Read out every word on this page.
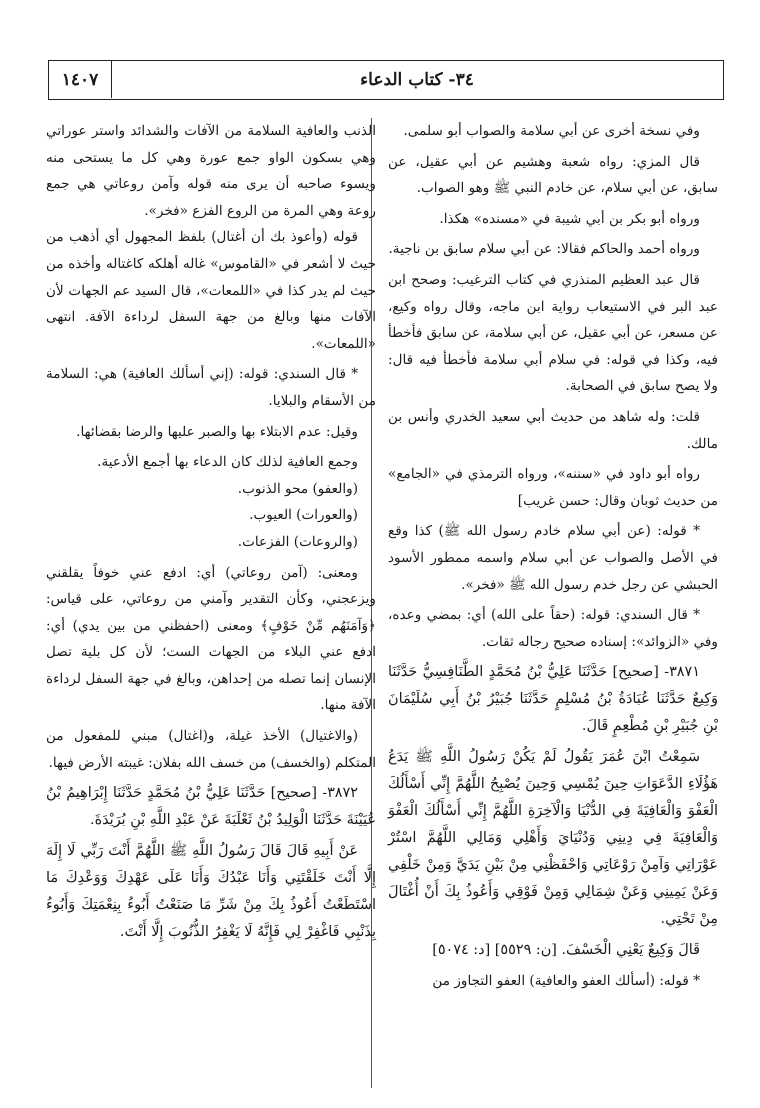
١٤٠٧	٣٤- كتاب الدعاء

وفي نسخة أخرى عن أبي سلامة والصواب أبو سلمى.

قال المزي: رواه شعبة وهشيم عن أبي عقيل، عن سابق، عن أبي سلام، عن خادم النبي ﷺ وهو الصواب.

ورواه أبو بكر بن أبي شيبة في «مسنده» هكذا.

ورواه أحمد والحاكم فقالا: عن أبي سلام سابق بن ناجية.

قال عبد العظيم المنذري في كتاب الترغيب: وصحح ابن عبد البر في الاستيعاب رواية ابن ماجه، وقال رواه وكيع، عن مسعر، عن أبي عقيل، عن أبي سلامة، عن سابق فأخطأ فيه، وكذا في قوله: في سلام أبي سلامة فأخطأ فيه قال: ولا يصح سابق في الصحابة.

قلت: وله شاهد من حديث أبي سعيد الخدري وأنس بن مالك.

رواه أبو داود في «سننه»، ورواه الترمذي في «الجامع» من حديث ثوبان وقال: حسن غريب]

* قوله: (عن أبي سلام خادم رسول الله ﷺ) كذا وقع في الأصل والصواب عن أبي سلام واسمه ممطور الأسود الحبشي عن رجل خدم رسول الله ﷺ «فخر».

* قال السندي: قوله: (حقاً على الله) أي: بمضي وعده، وفي «الزوائد»: إسناده صحيح رجاله ثقات.

٣٨٧١- [صحيح] حَدَّثَنَا عَلِيُّ بْنُ مُحَمَّدٍ الطَّنَافِسِيُّ حَدَّثَنَا وَكِيعٌ حَدَّثَنَا عُبَادَةُ بْنُ مُسْلِمٍ حَدَّثَنَا جُبَيْرُ بْنُ أَبِي سُلَيْمَانَ بْنِ جُبَيْرِ بْنِ مُطْعِمٍ قَالَ.

سَمِعْتُ ابْنَ عُمَرَ يَقُولُ لَمْ يَكُنْ رَسُولُ اللَّهِ ﷺ يَدَعُ هَؤُلَاءِ الدَّعَوَاتِ حِينَ يُمْسِي وَحِينَ يُصْبِحُ اللَّهُمَّ إِنِّي أَسْأَلُكَ الْعَفْوَ وَالْعَافِيَةَ فِي الدُّنْيَا وَالْآخِرَةِ اللَّهُمَّ إِنِّي أَسْأَلُكَ الْعَفْوَ وَالْعَافِيَةَ فِي دِينِي وَدُنْيَايَ وَأَهْلِي وَمَالِي اللَّهُمَّ اسْتُرْ عَوْرَاتِي وَآمِنْ رَوْعَاتِي وَاحْفَظْنِي مِنْ بَيْنِ يَدَيَّ وَمِنْ خَلْفِي وَعَنْ يَمِينِي وَعَنْ شِمَالِي وَمِنْ فَوْقِي وَأَعُوذُ بِكَ أَنْ أُغْتَالَ مِنْ تَحْتِي.

قَالَ وَكِيعٌ يَعْنِي الْخَسْفَ. [ن: ٥٥٢٩] [د: ٥٠٧٤]

* قوله: (أسألك العفو والعافية) العفو التجاوز من

الذنب والعافية السلامة من الآفات والشدائد واستر عوراتي وهي بسكون الواو جمع عورة وهي كل ما يستحى منه ويسوء صاحبه أن يرى منه قوله وآمن روعاتي هي جمع روعة وهي المرة من الروع الفزع «فخر».

قوله (وأعوذ بك أن أغتال) بلفظ المجهول أي أذهب من حيث لا أشعر في «القاموس» غاله أهلكه كاغتاله وأخذه من حيث لم يدر كذا في «اللمعات»، قال السيد عم الجهات لأن الآفات منها وبالغ من جهة السفل لرداءة الآفة. انتهى «اللمعات».

* قال السندي: قوله: (إني أسألك العافية) هي: السلامة من الأسقام والبلايا.

وقيل: عدم الابتلاء بها والصبر عليها والرضا بقضائها.

وجمع العافية لذلك كان الدعاء بها أجمع الأدعية.

(والعفو) محو الذنوب.

(والعورات) العيوب.

(والروعات) الفزعات.

ومعنى: (آمن روعاتي) أي: ادفع عني خوفاً يقلقني ويزعجني، وكأن التقدير وآمني من روعاتي، على قياس: ﴿وَآمَنَهُم مِّنْ خَوْفٍ﴾ ومعنى (احفظني من بين يدي) أي: ادفع عني البلاء من الجهات الست؛ لأن كل بلية تصل الإنسان إنما تصله من إحداهن، وبالغ في جهة السفل لرداءة الآفة منها.

(والاغتيال) الأخذ غيلة، و(اغتال) مبني للمفعول من المتكلم (والخسف) من خسف الله بفلان: غيبته الأرض فيها.

٣٨٧٢- [صحيح] حَدَّثَنَا عَلِيُّ بْنُ مُحَمَّدٍ حَدَّثَنَا إِبْرَاهِيمُ بْنُ عُيَيْنَةَ حَدَّثَنَا الْوَلِيدُ بْنُ ثَعْلَبَةَ عَنْ عَبْدِ اللَّهِ بْنِ بُرَيْدَةَ.

عَنْ أَبِيهِ قَالَ قَالَ رَسُولُ اللَّهِ ﷺ اللَّهُمَّ أَنْتَ رَبِّي لَا إِلَهَ إِلَّا أَنْتَ خَلَقْتَنِي وَأَنَا عَبْدُكَ وَأَنَا عَلَى عَهْدِكَ وَوَعْدِكَ مَا اسْتَطَعْتُ أَعُوذُ بِكَ مِنْ شَرِّ مَا صَنَعْتُ أَبُوءُ بِنِعْمَتِكَ وَأَبُوءُ بِذَنْبِي فَاغْفِرْ لِي فَإِنَّهُ لَا يَغْفِرُ الذُّنُوبَ إِلَّا أَنْتَ.
